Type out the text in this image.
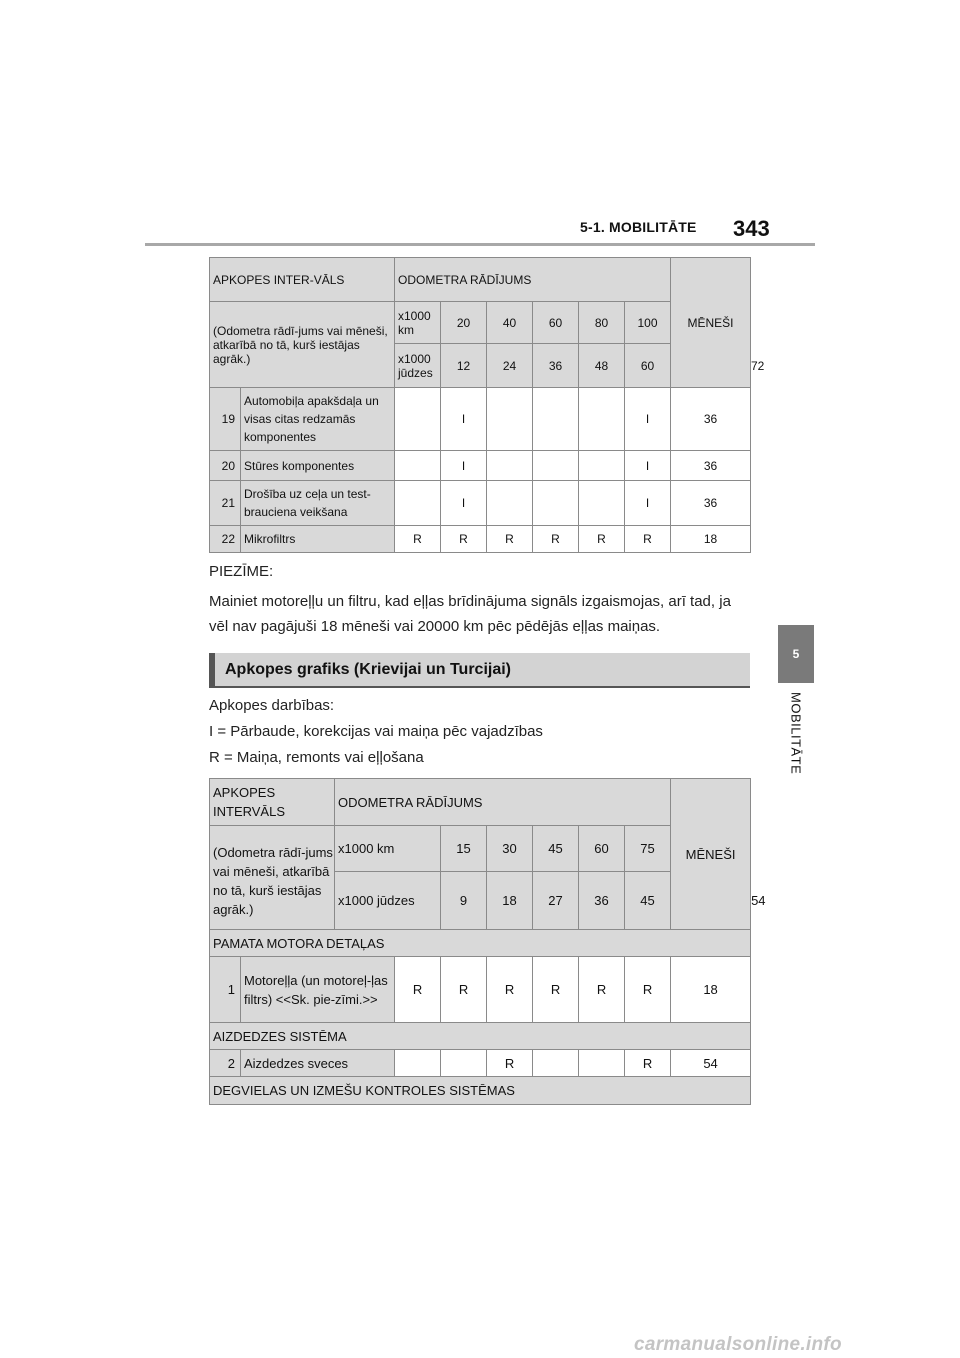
5-1. MOBILITĀTE 343
5
MOBILITĀTE
APKOPES INTER-VĀLS		ODOMETRA RĀDĪJUMS						MĒNEŠI	
(Odometra rādī-jums vai mēneši, atkarībā no tā, kurš iestājas agrāk.)		x1000 km	20	40	60	80	100		
		x1000 jūdzes	12	24	36	48	60		72
19	Automobiļa apakšdaļa un visas citas redzamās komponentes		I				I	36	
20	Stūres komponentes		I				I	36	
21	Drošība uz ceļa un test-brauciena veikšana		I				I	36	
22	Mikrofiltrs	R	R	R	R	R	R	18	
PIEZĪME:
Mainiet motoreļļu un filtru, kad eļļas brīdinājuma signāls izgaismojas, arī tad, ja vēl nav pagājuši 18 mēneši vai 20000 km pēc pēdējās eļļas maiņas.
Apkopes grafiks (Krievijai un Turcijai)
Apkopes darbības:
I = Pārbaude, korekcijas vai maiņa pēc vajadzības
R = Maiņa, remonts vai eļļošana
APKOPES INTERVĀLS		ODOMETRA RĀDĪJUMS							MĒNEŠI	
(Odometra rādī-jums vai mēneši, atkarībā no tā, kurš iestājas agrāk.)		x1000 km		15	30	45	60	75		
		x1000 jūdzes		9	18	27	36	45		54
PAMATA MOTORA DETAĻAS										
1	Motoreļļa (un motoreļ-ļas filtrs) <<Sk. pie-zīmi.>>		R	R	R	R	R	R	18	
AIZDEDZES SISTĒMA										
2	Aizdedzes sveces				R			R	54	
DEGVIELAS UN IZMEŠU KONTROLES SISTĒMAS										
carmanualsonline.info
